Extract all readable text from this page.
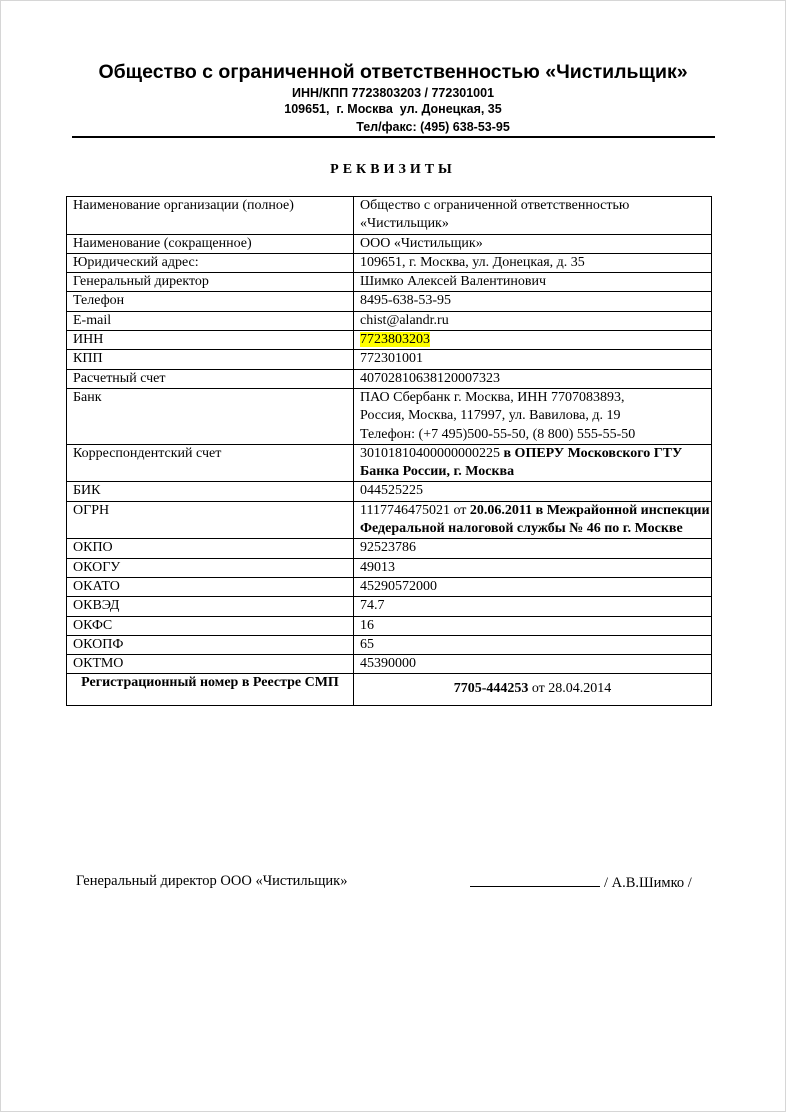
Общество с ограниченной ответственностью «Чистильщик»
ИНН/КПП 7723803203 / 772301001
109651,  г. Москва  ул. Донецкая, 35
Тел/факс: (495) 638-53-95
РЕКВИЗИТЫ
Наименование организации (полное)	Общество с ограниченной ответственностью «Чистильщик»
Наименование (сокращенное)	ООО «Чистильщик»
Юридический адрес:	109651, г. Москва, ул. Донецкая, д. 35
Генеральный директор	Шимко Алексей Валентинович
Телефон	8495-638-53-95
E-mail	chist@alandr.ru
ИНН	7723803203
КПП	772301001
Расчетный счет	40702810638120007323
Банк	ПАО Сбербанк г. Москва, ИНН 7707083893,
Россия, Москва, 117997, ул. Вавилова, д. 19
Телефон: (+7 495)500-55-50, (8 800) 555-55-50

Корреспондентский счет	30101810400000000225 в ОПЕРУ Московского ГТУ Банка России, г. Москва
БИК	044525225
ОГРН	1117746475021 от 20.06.2011 в Межрайонной инспекции Федеральной налоговой службы № 46 по г. Москве
ОКПО	92523786
ОКОГУ	49013
ОКАТО	45290572000
ОКВЭД	74.7
ОКФС	16
ОКОПФ	65
ОКТМО	45390000
Регистрационный номер в Реестре СМП	7705-444253 от 28.04.2014
Генеральный директор ООО «Чистильщик»	/ А.В.Шимко /
